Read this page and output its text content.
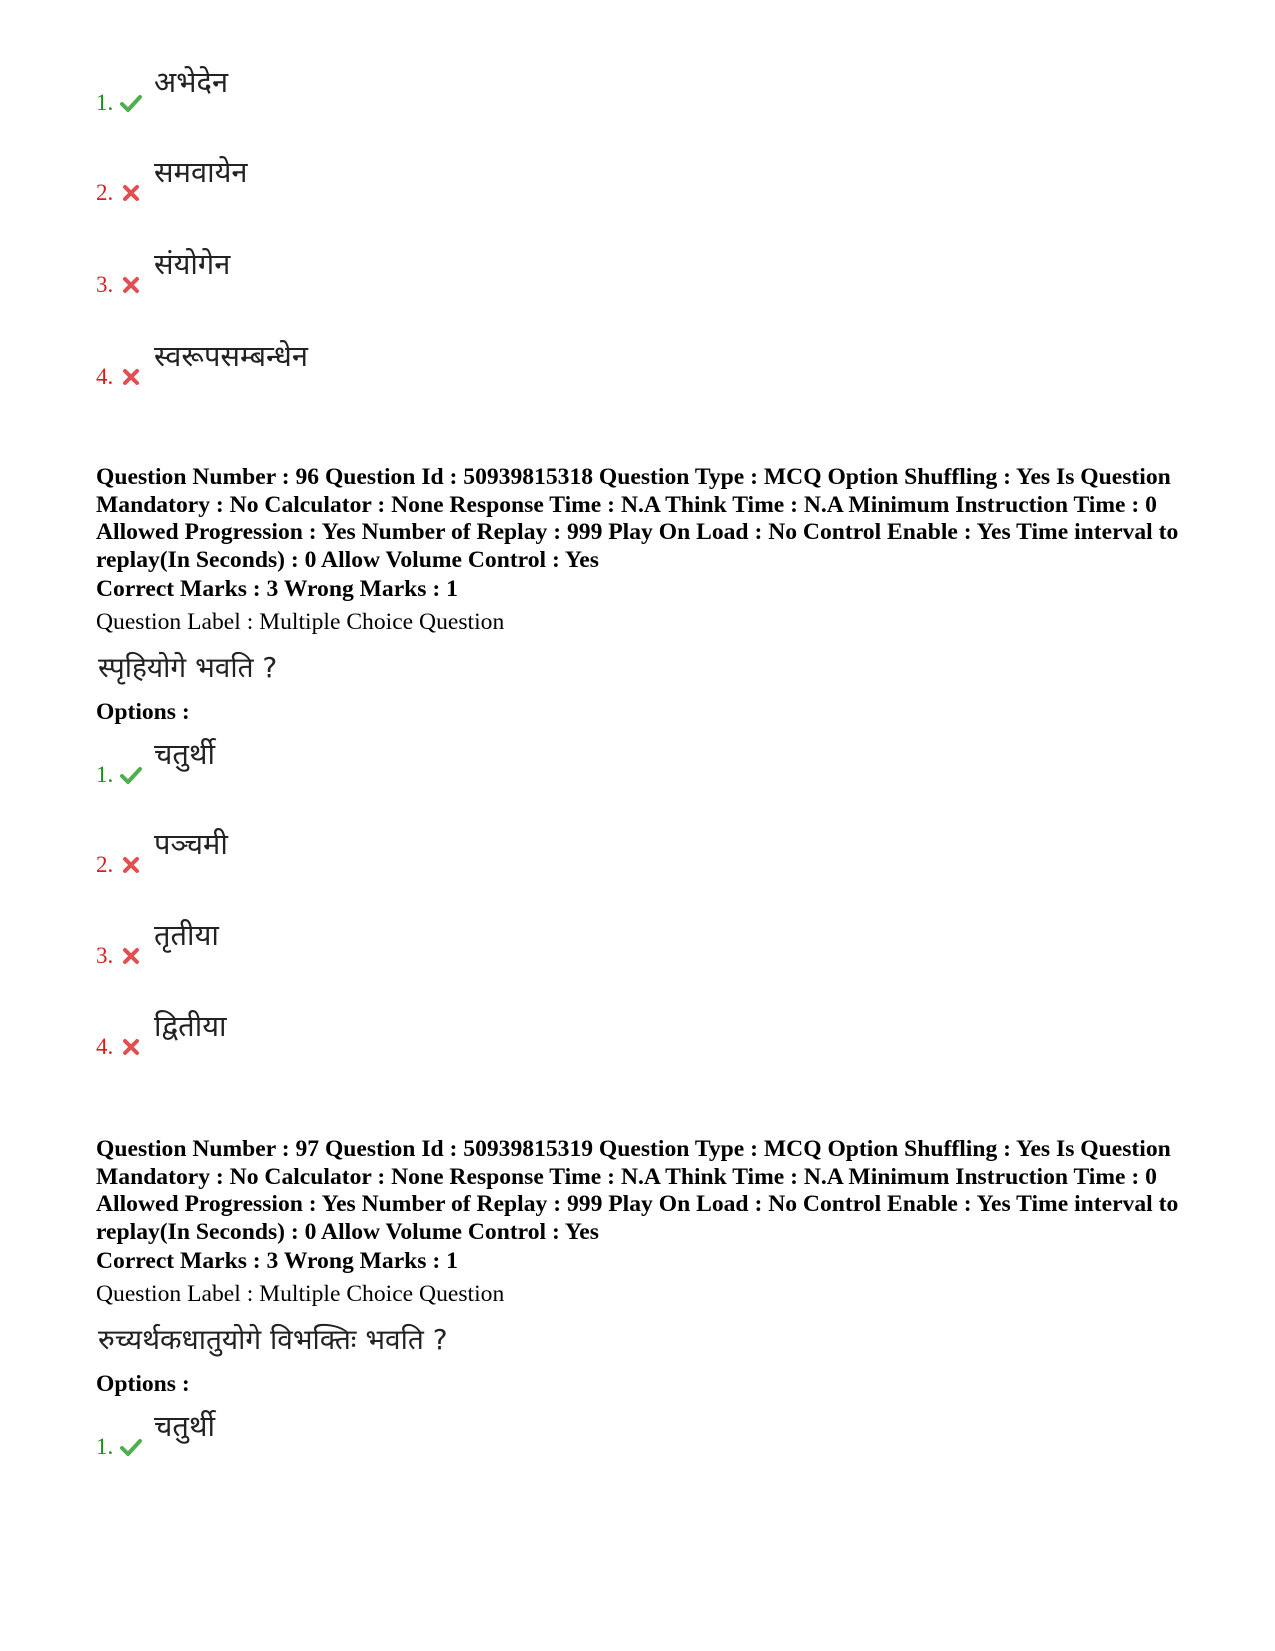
1.
अभेदेन
2.
समवायेन
3.
संयोगेन
4.
स्वरूपसम्बन्धेन
Question Number : 96 Question Id : 50939815318 Question Type : MCQ Option Shuffling : Yes Is Question Mandatory : No Calculator : None Response Time : N.A Think Time : N.A Minimum Instruction Time : 0 Allowed Progression : Yes Number of Replay : 999 Play On Load : No Control Enable : Yes Time interval to replay(In Seconds) : 0 Allow Volume Control : Yes
Correct Marks : 3 Wrong Marks : 1
Question Label : Multiple Choice Question
स्पृहियोगे भवति ?
Options :
1.
चतुर्थी
2.
पञ्चमी
3.
तृतीया
4.
द्वितीया
Question Number : 97 Question Id : 50939815319 Question Type : MCQ Option Shuffling : Yes Is Question Mandatory : No Calculator : None Response Time : N.A Think Time : N.A Minimum Instruction Time : 0 Allowed Progression : Yes Number of Replay : 999 Play On Load : No Control Enable : Yes Time interval to replay(In Seconds) : 0 Allow Volume Control : Yes
Correct Marks : 3 Wrong Marks : 1
Question Label : Multiple Choice Question
रुच्यर्थकधातुयोगे विभक्तिः भवति ?
Options :
1.
चतुर्थी
